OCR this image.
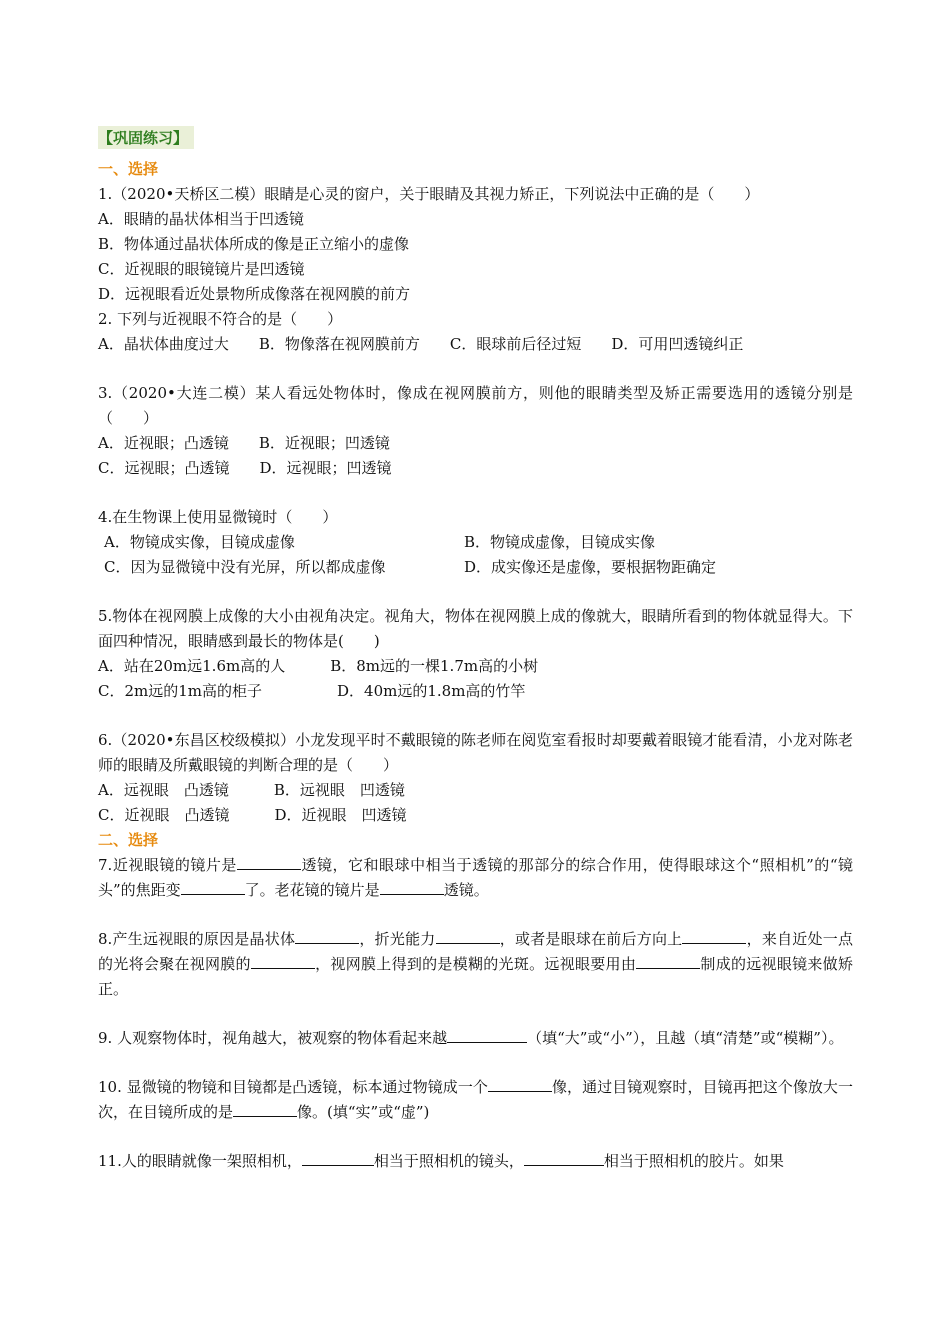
【巩固练习】
一、选择
1.（2020•天桥区二模）眼睛是心灵的窗户，关于眼睛及其视力矫正，下列说法中正确的是（　　）
A．眼睛的晶状体相当于凹透镜
B．物体通过晶状体所成的像是正立缩小的虚像
C．近视眼的眼镜镜片是凹透镜
D．远视眼看近处景物所成像落在视网膜的前方
2. 下列与近视眼不符合的是（　　）
A．晶状体曲度过大　　B．物像落在视网膜前方　　C．眼球前后径过短　　D．可用凹透镜纠正
3.（2020•大连二模）某人看远处物体时，像成在视网膜前方，则他的眼睛类型及矫正需要选用的透镜分别是（　　）
A．近视眼；凸透镜　　B．近视眼；凹透镜
C．远视眼；凸透镜　　D．远视眼；凹透镜
4.在生物课上使用显微镜时（　　）
A．物镜成实像，目镜成虚像	B．物镜成虚像，目镜成实像
C．因为显微镜中没有光屏，所以都成虚像	D．成实像还是虚像，要根据物距确定
5.物体在视网膜上成像的大小由视角决定。视角大，物体在视网膜上成的像就大，眼睛所看到的物体就显得大。下面四种情况，眼睛感到最长的物体是(　　)
A．站在20m远1.6m高的人　　　B．8m远的一棵1.7m高的小树
C．2m远的1m高的柜子　　　　　D．40m远的1.8m高的竹竿
6.（2020•东昌区校级模拟）小龙发现平时不戴眼镜的陈老师在阅览室看报时却要戴着眼镜才能看清，小龙对陈老师的眼睛及所戴眼镜的判断合理的是（　　）
A．远视眼　凸透镜　　　B．远视眼　凹透镜
C．近视眼　凸透镜　　　D．近视眼　凹透镜
二、选择
7.近视眼镜的镜片是	透镜，它和眼球中相当于透镜的那部分的综合作用，使得眼球这个“照相机”的“镜头”的焦距变	了。老花镜的镜片是	透镜。
8.产生远视眼的原因是晶状体	，折光能力	，或者是眼球在前后方向上	，来自近处一点的光将会聚在视网膜的	，视网膜上得到的是模糊的光斑。远视眼要用由	制成的远视眼镜来做矫正。
9. 人观察物体时，视角越大，被观察的物体看起来越	（填“大”或“小”），且越（填“清楚”或“模糊”）。
10. 显微镜的物镜和目镜都是凸透镜，标本通过物镜成一个	像，通过目镜观察时，目镜再把这个像放大一次，在目镜所成的是	像。(填“实”或“虚”)
11.人的眼睛就像一架照相机，	相当于照相机的镜头，	相当于照相机的胶片。如果
